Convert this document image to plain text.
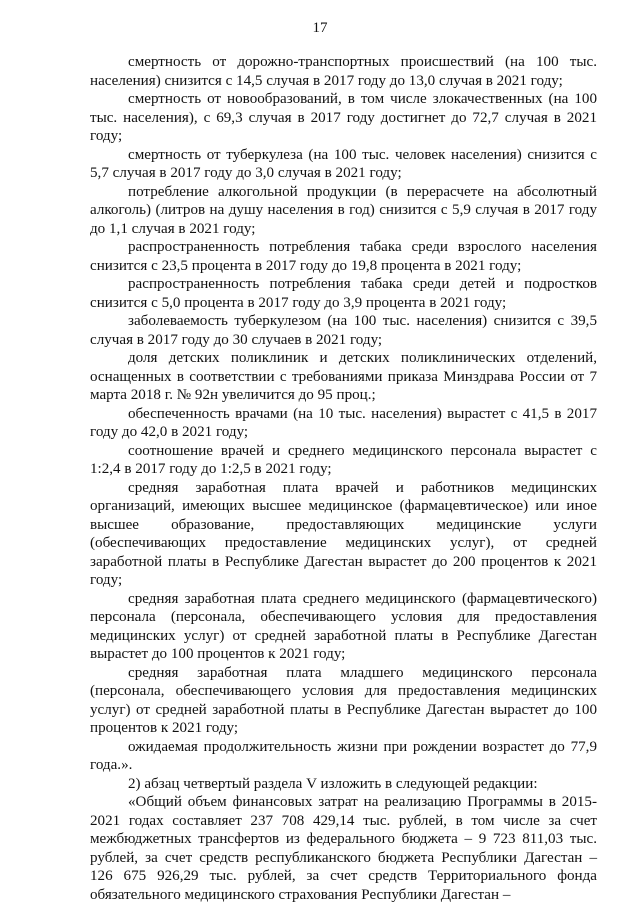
17

смертность от дорожно-транспортных происшествий (на 100 тыс. населения) снизится с 14,5 случая в 2017 году до 13,0 случая в 2021 году;

смертность от новообразований, в том числе злокачественных (на 100 тыс. населения), с 69,3 случая в 2017 году достигнет до 72,7 случая в 2021 году;

смертность от туберкулеза (на 100 тыс. человек населения) снизится с 5,7 случая в 2017 году до 3,0 случая в 2021 году;

потребление алкогольной продукции (в перерасчете на абсолютный алкоголь) (литров на душу населения в год) снизится с 5,9 случая в 2017 году до 1,1 случая в 2021 году;

распространенность потребления табака среди взрослого населения снизится с 23,5 процента в 2017 году до 19,8 процента в 2021 году;

распространенность потребления табака среди детей и подростков снизится с 5,0 процента в 2017 году до 3,9 процента в 2021 году;

заболеваемость туберкулезом (на 100 тыс. населения) снизится с 39,5 случая в 2017 году до 30 случаев в 2021 году;

доля детских поликлиник и детских поликлинических отделений, оснащенных в соответствии с требованиями приказа Минздрава России от 7 марта 2018 г. № 92н увеличится до 95 проц.;

обеспеченность врачами (на 10 тыс. населения) вырастет с 41,5 в 2017 году до 42,0 в 2021 году;

соотношение врачей и среднего медицинского персонала вырастет с 1:2,4 в 2017 году до 1:2,5 в 2021 году;

средняя заработная плата врачей и работников медицинских организаций, имеющих высшее медицинское (фармацевтическое) или иное высшее образование, предоставляющих медицинские услуги (обеспечивающих предоставление медицинских услуг), от средней заработной платы в Республике Дагестан вырастет до 200 процентов к 2021 году;

средняя заработная плата среднего медицинского (фармацевтического) персонала (персонала, обеспечивающего условия для предоставления медицинских услуг) от средней заработной платы в Республике Дагестан вырастет до 100 процентов к 2021 году;

средняя заработная плата младшего медицинского персонала (персонала, обеспечивающего условия для предоставления медицинских услуг) от средней заработной платы в Республике Дагестан вырастет до 100 процентов к 2021 году;

ожидаемая продолжительность жизни при рождении возрастет до 77,9 года.».

2) абзац четвертый раздела V изложить в следующей редакции:

«Общий объем финансовых затрат на реализацию Программы в 2015-2021 годах составляет 237 708 429,14 тыс. рублей, в том числе за счет межбюджетных трансфертов из федерального бюджета – 9 723 811,03 тыс. рублей, за счет средств республиканского бюджета Республики Дагестан – 126 675 926,29 тыс. рублей, за счет средств Территориального фонда обязательного медицинского страхования Республики Дагестан –
